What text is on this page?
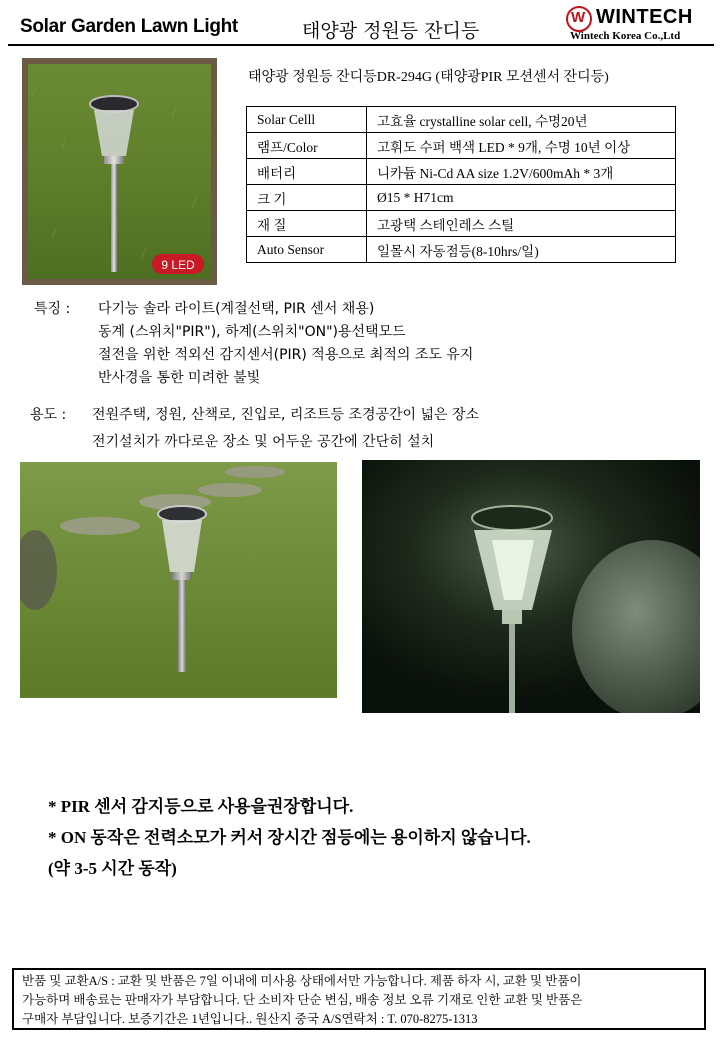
Solar Garden Lawn Light	태양광 정원등 잔디등
W WINTECH
Wintech Korea Co.,Ltd
9 LED
태양광 정원등 잔디등DR-294G (태양광PIR 모션센서 잔디등)
Solar Celll	고효율 crystalline solar cell, 수명20년
램프/Color	고휘도 수퍼 백색 LED * 9개, 수명 10년 이상
배터리	니카듐 Ni-Cd AA size 1.2V/600mAh * 3개
크 기	Ø15 * H71cm
재 질	고광택 스테인레스 스틸
Auto Sensor	일몰시 자동점등(8-10hrs/일)
특징 : 다기능 솔라 라이트(계절선택, PIR 센서 채용)
동계 (스위치"PIR"), 하계(스위치"ON")용선택모드
절전을 위한 적외선 감지센서(PIR) 적용으로 최적의 조도 유지
반사경을 통한 미려한 불빛
용도 : 전원주택, 정원, 산책로, 진입로, 리조트등 조경공간이 넓은 장소
전기설치가 까다로운 장소 및 어두운 공간에 간단히 설치
* PIR 센서 감지등으로 사용을권장합니다.
* ON 동작은 전력소모가 커서 장시간 점등에는 용이하지 않습니다.
(약 3-5 시간 동작)
반품 및 교환A/S : 교환 및 반품은 7일 이내에 미사용 상태에서만 가능합니다. 제품 하자 시, 교환 및 반품이
가능하며 배송료는 판매자가 부담합니다. 단 소비자 단순 변심, 배송 정보 오류 기재로 인한 교환 및 반품은
구매자 부담입니다. 보증기간은 1년입니다.. 원산지 중국 A/S연락처 : T. 070-8275-1313
